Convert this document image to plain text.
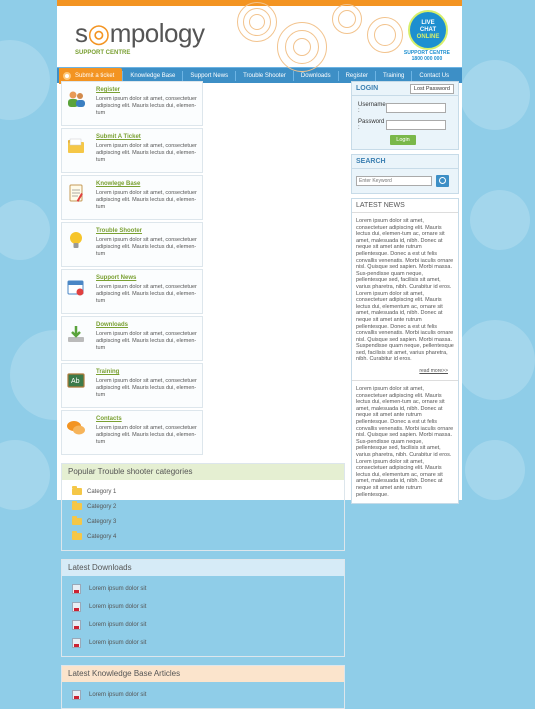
s◎mpology
SUPPORT CENTRE
LIVE
CHAT
ONLINE
SUPPORT CENTRE
1800 000 000
Submit a ticket	Knowledge Base	Support News	Trouble Shooter	Downloads	Register	Training	Contact Us
Register
Lorem ipsum dolor sit amet, consectetuer adipiscing elit. Mauris lectus dui, elemen-tum
Submit A Ticket
Lorem ipsum dolor sit amet, consectetuer adipiscing elit. Mauris lectus dui, elemen-tum
Knowlege Base
Lorem ipsum dolor sit amet, consectetuer adipiscing elit. Mauris lectus dui, elemen-tum
Trouble Shooter
Lorem ipsum dolor sit amet, consectetuer adipiscing elit. Mauris lectus dui, elemen-tum
Support News
Lorem ipsum dolor sit amet, consectetuer adipiscing elit. Mauris lectus dui, elemen-tum
Downloads
Lorem ipsum dolor sit amet, consectetuer adipiscing elit. Mauris lectus dui, elemen-tum
Ab
Training
Lorem ipsum dolor sit amet, consectetuer adipiscing elit. Mauris lectus dui, elemen-tum
Contacts
Lorem ipsum dolor sit amet, consectetuer adipiscing elit. Mauris lectus dui, elemen-tum
Popular Trouble shooter categories
Category 1
Category 2
Category 3
Category 4
Latest Downloads
Lorem ipsum dolor sit
Lorem ipsum dolor sit
Lorem ipsum dolor sit
Lorem ipsum dolor sit
Latest Knowledge Base Articles
Lorem ipsum dolor sit
LOGIN	Lost Password
Username :
Password :
Login
SEARCH
Enter Keyword
LATEST NEWS

Lorem ipsum dolor sit amet, consectetuer adipiscing elit. Mauris lectus dui, elemen-tum ac, ornare sit amet, malesuada id, nibh. Donec at neque sit amet ante rutrum pellentesque. Donec a est ut felis convallis venenatis. Morbi iaculis ornare nisl. Quisque sed sapien. Morbi massa. Sus-pendisse quam neque, pellentesque sed, facilisis sit amet, varius pharetra, nibh. Curabitur id eros. Lorem ipsum dolor sit amet, consectetuer adipiscing elit. Mauris lectus dui, elementum ac, ornare sit amet, malesuada id, nibh. Donec at neque sit amet ante rutrum pellentesque. Donec a est ut felis convallis venenatis. Morbi iaculis ornare nisl. Quisque sed sapien. Morbi massa. Suspendisse quam neque, pellentesque sed, facilisis sit amet, varius pharetra, nibh. Curabitur id eros.

read more>>

Lorem ipsum dolor sit amet, consectetuer adipiscing elit. Mauris lectus dui, elemen-tum ac, ornare sit amet, malesuada id, nibh. Donec at neque sit amet ante rutrum pellentesque. Donec a est ut felis convallis venenatis. Morbi iaculis ornare nisl. Quisque sed sapien. Morbi massa. Sus-pendisse quam neque, pellentesque sed, facilisis sit amet, varius pharetra, nibh. Curabitur id eros. Lorem ipsum dolor sit amet, consectetuer adipiscing elit. Mauris lectus dui, elementum ac, ornare sit amet, malesuada id, nibh. Donec at neque sit amet ante rutrum pellentesque.
